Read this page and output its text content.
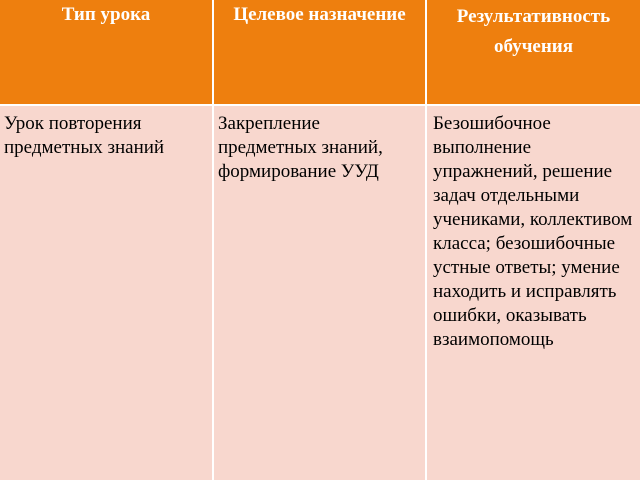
Тип урока	Целевое назначение	Результативность обучения

Урок повторения предметных знаний	Закрепление предметных знаний, формирование УУД	Безошибочное выполнение упражнений, решение задач отдельными учениками, коллективом класса; безошибочные устные ответы; умение находить и исправлять ошибки, оказывать взаимопомощь
